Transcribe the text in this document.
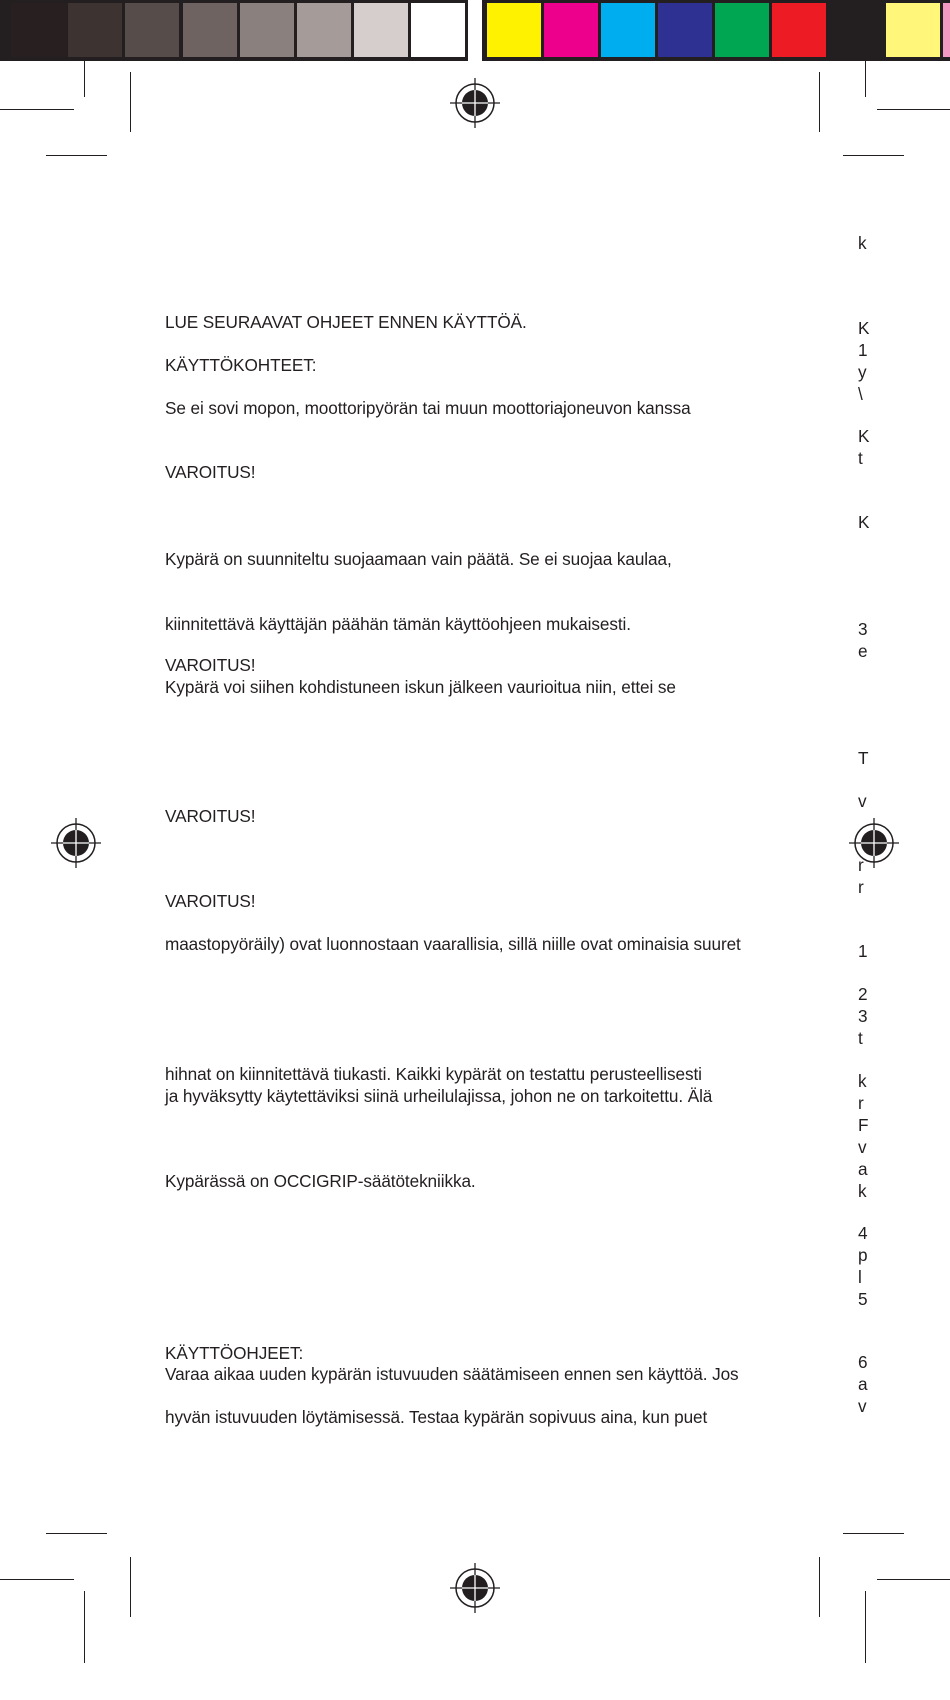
LUE SEURAAVAT OHJEET ENNEN KÄYTTÖÄ.
KÄYTTÖKOHTEET:
Se ei sovi mopon, moottoripyörän tai muun moottoriajoneuvon kanssa
VAROITUS!
Kypärä on suunniteltu suojaamaan vain päätä. Se ei suojaa kaulaa,
kiinnitettävä käyttäjän päähän tämän käyttöohjeen mukaisesti.
VAROITUS!
Kypärä voi siihen kohdistuneen iskun jälkeen vaurioitua niin, ettei se
VAROITUS!
VAROITUS!
maastopyöräily) ovat luonnostaan vaarallisia, sillä niille ovat ominaisia suuret
hihnat on kiinnitettävä tiukasti. Kaikki kypärät on testattu perusteellisesti
ja hyväksytty käytettäviksi siinä urheilulajissa, johon ne on tarkoitettu. Älä
Kypärässä on OCCIGRIP-säätötekniikka.
KÄYTTÖOHJEET:
Varaa aikaa uuden kypärän istuvuuden säätämiseen ennen sen käyttöä. Jos
hyvän istuvuuden löytämisessä. Testaa kypärän sopivuus aina, kun puet
k
K
1
y
\
K
t
K
3
e
T
v
r
r
1
2
3
t
k
r
F
v
a
k
4
p
l
5
6
a
v
